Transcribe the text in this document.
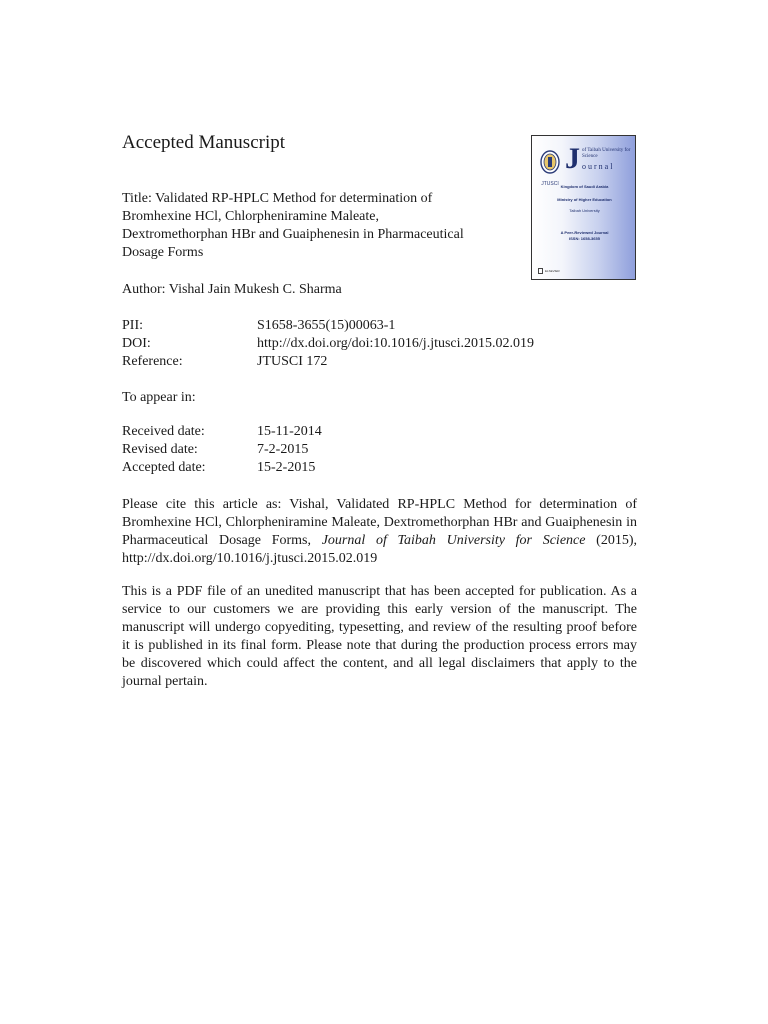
Accepted Manuscript
Title: Validated RP-HPLC Method for determination of
Bromhexine HCl, Chlorpheniramine Maleate,
Dextromethorphan HBr and Guaiphenesin in Pharmaceutical
Dosage Forms
Author: Vishal Jain Mukesh C. Sharma
PII:	S1658-3655(15)00063-1
DOI:	http://dx.doi.org/doi:10.1016/j.jtusci.2015.02.019
Reference:	JTUSCI 172
To appear in:
Received date:	15-11-2014
Revised date:	7-2-2015
Accepted date:	15-2-2015
Please cite this article as: Vishal, Validated RP-HPLC Method for determination of Bromhexine HCl, Chlorpheniramine Maleate, Dextromethorphan HBr and Guaiphenesin in Pharmaceutical Dosage Forms, Journal of Taibah University for Science (2015), http://dx.doi.org/10.1016/j.jtusci.2015.02.019
This is a PDF file of an unedited manuscript that has been accepted for publication. As a service to our customers we are providing this early version of the manuscript. The manuscript will undergo copyediting, typesetting, and review of the resulting proof before it is published in its final form. Please note that during the production process errors may be discovered which could affect the content, and all legal disclaimers that apply to the journal pertain.
JTUSCI
J of Taibah University for Science
ournal
Kingdom of Saudi Arabia
Ministry of Higher Education
Taibah University
A Peer-Reviewed Journal
ISSN: 1658-3655
ELSEVIER
